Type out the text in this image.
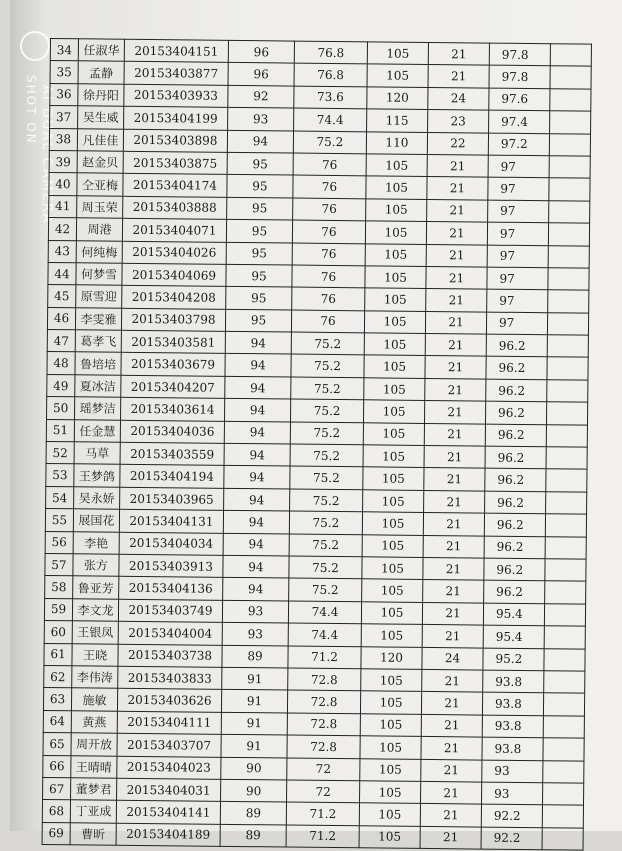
SHOT ON AI DUAL CAMERA
34	任淑华	20153404151	96	76.8	105	21	97.8	
35	孟静	20153403877	96	76.8	105	21	97.8	
36	徐丹阳	20153403933	92	73.6	120	24	97.6	
37	吴生威	20153404199	93	74.4	115	23	97.4	
38	凡佳佳	20153403898	94	75.2	110	22	97.2	
39	赵金贝	20153403875	95	76	105	21	97	
40	仝亚梅	20153404174	95	76	105	21	97	
41	周玉荣	20153403888	95	76	105	21	97	
42	周港	20153404071	95	76	105	21	97	
43	何纯梅	20153404026	95	76	105	21	97	
44	何梦雪	20153404069	95	76	105	21	97	
45	原雪迎	20153404208	95	76	105	21	97	
46	李雯雅	20153403798	95	76	105	21	97	
47	葛孝飞	20153403581	94	75.2	105	21	96.2	
48	鲁培培	20153403679	94	75.2	105	21	96.2	
49	夏冰洁	20153404207	94	75.2	105	21	96.2	
50	瑶梦洁	20153403614	94	75.2	105	21	96.2	
51	任金慧	20153404036	94	75.2	105	21	96.2	
52	马草	20153403559	94	75.2	105	21	96.2	
53	王梦鸽	20153404194	94	75.2	105	21	96.2	
54	吴永娇	20153403965	94	75.2	105	21	96.2	
55	展国花	20153404131	94	75.2	105	21	96.2	
56	李艳	20153404034	94	75.2	105	21	96.2	
57	张方	20153403913	94	75.2	105	21	96.2	
58	鲁亚芳	20153404136	94	75.2	105	21	96.2	
59	李文龙	20153403749	93	74.4	105	21	95.4	
60	王银凤	20153404004	93	74.4	105	21	95.4	
61	王晓	20153403738	89	71.2	120	24	95.2	
62	李伟涛	20153403833	91	72.8	105	21	93.8	
63	施敏	20153403626	91	72.8	105	21	93.8	
64	黄燕	20153404111	91	72.8	105	21	93.8	
65	周开放	20153403707	91	72.8	105	21	93.8	
66	王晴晴	20153404023	90	72	105	21	93	
67	董梦君	20153404031	90	72	105	21	93	
68	丁亚成	20153404141	89	71.2	105	21	92.2	
69	曹昕	20153404189	89	71.2	105	21	92.2	
